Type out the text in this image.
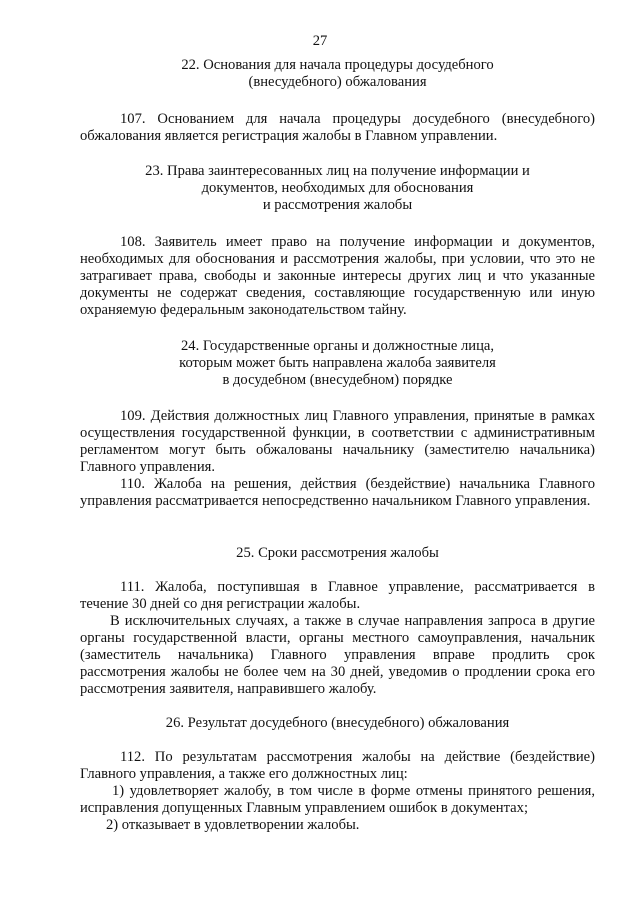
27
22. Основания для начала процедуры досудебного
(внесудебного) обжалования
107. Основанием для начала процедуры досудебного (внесудебного) обжалования является регистрация жалобы в Главном управлении.
23. Права заинтересованных лиц на получение информации и
документов, необходимых для обоснования
и рассмотрения жалобы
108. Заявитель имеет право на получение информации и документов, необходимых для обоснования и рассмотрения жалобы, при условии, что это не затрагивает права, свободы и законные интересы других лиц и что указанные документы не содержат сведения, составляющие государственную или иную охраняемую федеральным законодательством тайну.
24. Государственные органы и должностные лица,
которым может быть направлена жалоба заявителя
в досудебном (внесудебном) порядке
109. Действия должностных лиц Главного управления, принятые в рамках осуществления государственной функции, в соответствии с административным регламентом могут быть обжалованы начальнику (заместителю начальника) Главного управления.
110. Жалоба на решения, действия (бездействие) начальника Главного управления рассматривается непосредственно начальником Главного управления.
25. Сроки рассмотрения жалобы
111. Жалоба, поступившая в Главное управление, рассматривается в течение 30 дней со дня регистрации жалобы.
В исключительных случаях, а также в случае направления запроса в другие органы государственной власти, органы местного самоуправления, начальник (заместитель начальника) Главного управления вправе продлить срок рассмотрения жалобы не более чем на 30 дней, уведомив о продлении срока его рассмотрения заявителя, направившего жалобу.
26. Результат досудебного (внесудебного) обжалования
112. По результатам рассмотрения жалобы на действие (бездействие) Главного управления, а также его должностных лиц:
1) удовлетворяет жалобу, в том числе в форме отмены принятого решения, исправления допущенных Главным управлением ошибок в документах;
2) отказывает в удовлетворении жалобы.
